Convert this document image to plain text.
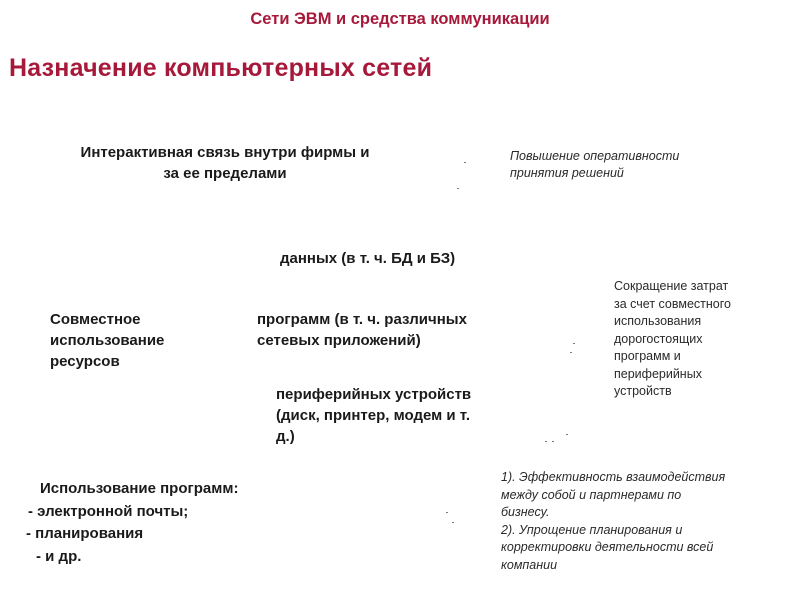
Сети ЭВМ и средства коммуникации
Назначение компьютерных сетей
Интерактивная связь внутри фирмы и
за ее пределами
Повышение оперативности
принятия решений
данных (в т. ч. БД и БЗ)
Совместное
использование
ресурсов
программ (в т. ч. различных
сетевых приложений)
периферийных устройств
(диск, принтер, модем и т.
д.)
Сокращение затрат
за счет совместного
использования
дорогостоящих
программ и
периферийных
устройств
Использование программ:
- электронной почты;
- планирования
- и др.
1). Эффективность взаимодействия
между собой и партнерами по
бизнесу.
2). Упрощение планирования и
корректировки деятельности всей
компании
